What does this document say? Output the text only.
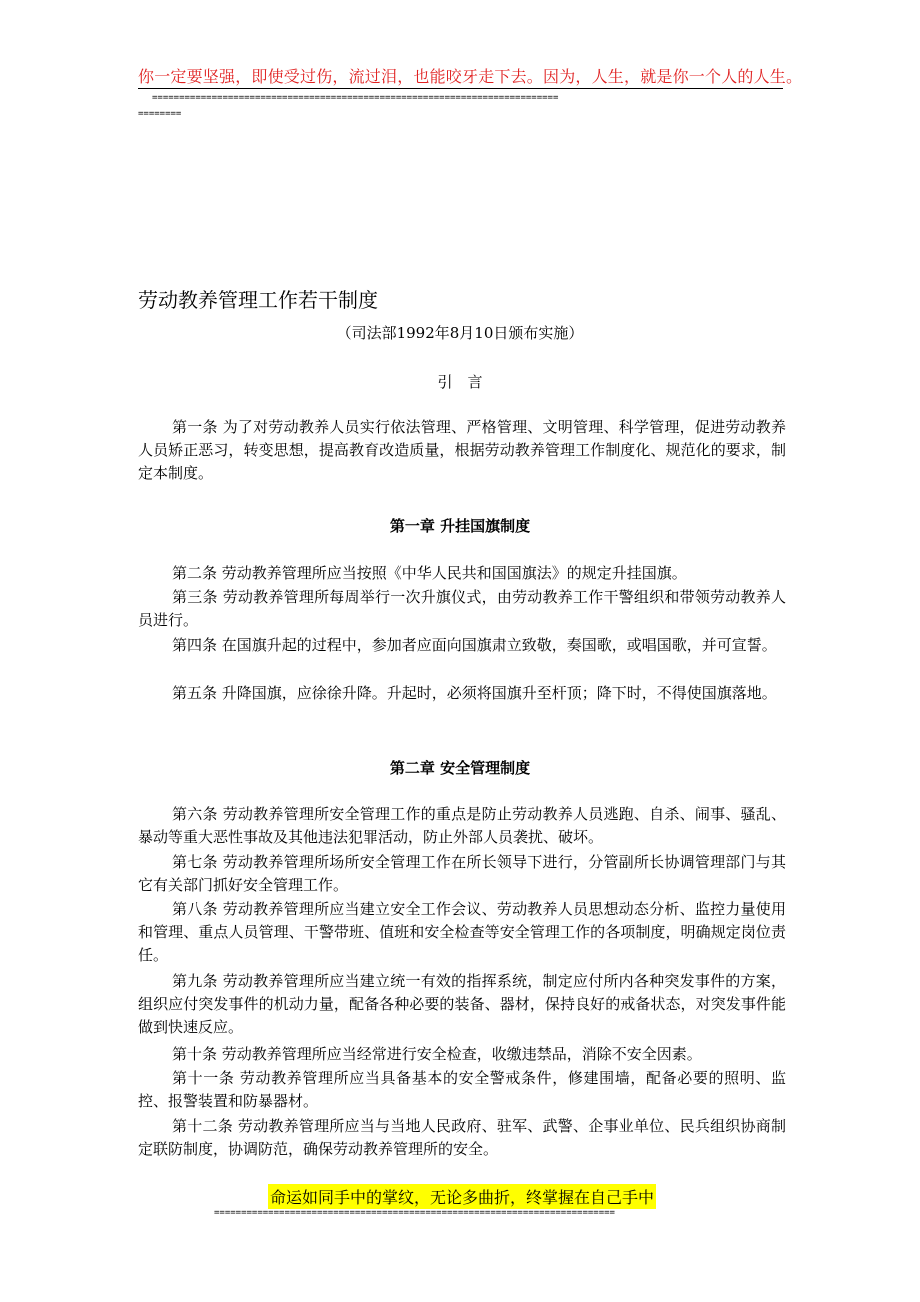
你一定要坚强，即使受过伤，流过泪，也能咬牙走下去。因为，人生，就是你一个人的人生。
===========================================================================
========
劳动教养管理工作若干制度
（司法部1992年8月10日颁布实施）
引　言
第一条 为了对劳动教养人员实行依法管理、严格管理、文明管理、科学管理，促进劳动教养人员矫正恶习，转变思想，提高教育改造质量，根据劳动教养管理工作制度化、规范化的要求，制定本制度。
第一章 升挂国旗制度
第二条 劳动教养管理所应当按照《中华人民共和国国旗法》的规定升挂国旗。
第三条 劳动教养管理所每周举行一次升旗仪式，由劳动教养工作干警组织和带领劳动教养人员进行。
第四条 在国旗升起的过程中，参加者应面向国旗肃立致敬，奏国歌，或唱国歌，并可宣誓。
第五条 升降国旗，应徐徐升降。升起时，必须将国旗升至杆顶；降下时，不得使国旗落地。
第二章 安全管理制度
第六条 劳动教养管理所安全管理工作的重点是防止劳动教养人员逃跑、自杀、闹事、骚乱、暴动等重大恶性事故及其他违法犯罪活动，防止外部人员袭扰、破坏。
第七条 劳动教养管理所场所安全管理工作在所长领导下进行，分管副所长协调管理部门与其它有关部门抓好安全管理工作。
第八条 劳动教养管理所应当建立安全工作会议、劳动教养人员思想动态分析、监控力量使用和管理、重点人员管理、干警带班、值班和安全检查等安全管理工作的各项制度，明确规定岗位责任。
第九条 劳动教养管理所应当建立统一有效的指挥系统，制定应付所内各种突发事件的方案，组织应付突发事件的机动力量，配备各种必要的装备、器材，保持良好的戒备状态，对突发事件能做到快速反应。
第十条 劳动教养管理所应当经常进行安全检查，收缴违禁品，消除不安全因素。
第十一条 劳动教养管理所应当具备基本的安全警戒条件，修建围墙，配备必要的照明、监控、报警装置和防暴器材。
第十二条 劳动教养管理所应当与当地人民政府、驻军、武警、企事业单位、民兵组织协商制定联防制度，协调防范，确保劳动教养管理所的安全。
命运如同手中的掌纹，无论多曲折，终掌握在自己手中
==========================================================================
